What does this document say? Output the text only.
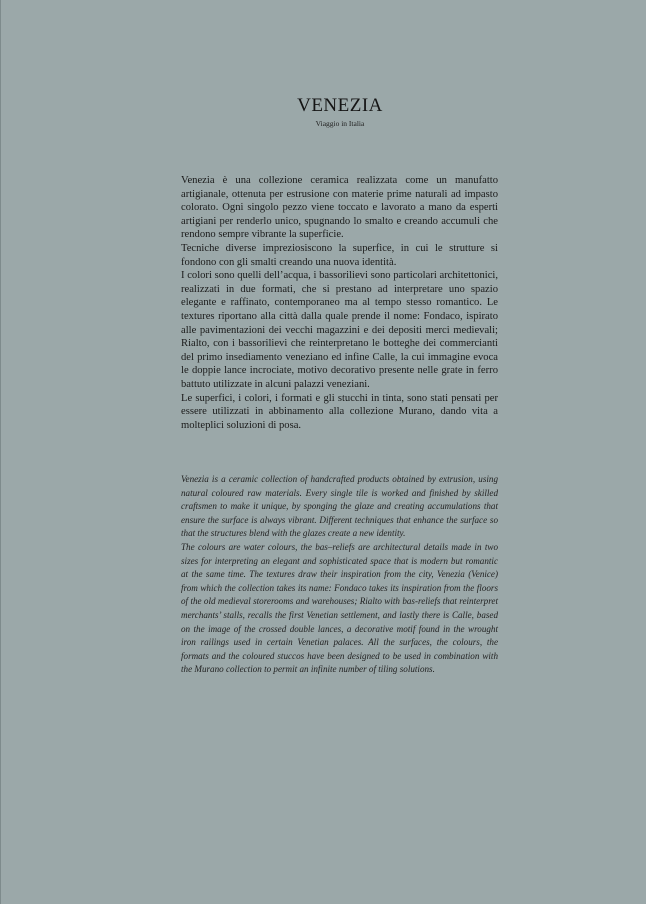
VENEZIA
Viaggio in Italia

Venezia è una collezione ceramica realizzata come un manufatto artigianale, ottenuta per estrusione con materie prime naturali ad impasto colorato. Ogni singolo pezzo viene toccato e lavorato a mano da esperti artigiani per renderlo unico, spugnando lo smalto e creando accumuli che rendono sempre vibrante la superficie.

Tecniche diverse impreziosiscono la superfice, in cui le strutture si fondono con gli smalti creando una nuova identità.

I colori sono quelli dell’acqua, i bassorilievi sono particolari architettonici, realizzati in due formati, che si prestano ad interpretare uno spazio elegante e raffinato, contemporaneo ma al tempo stesso romantico. Le textures riportano alla città dalla quale prende il nome: Fondaco, ispirato alle pavimentazioni dei vecchi magazzini e dei depositi merci medievali; Rialto, con i bassorilievi che reinterpretano le botteghe dei commercianti del primo insediamento veneziano ed infine Calle, la cui immagine evoca le doppie lance incrociate, motivo decorativo presente nelle grate in ferro battuto utilizzate in alcuni palazzi veneziani.

Le superfici, i colori, i formati e gli stucchi in tinta, sono stati pensati per essere utilizzati in abbinamento alla collezione Murano, dando vita a molteplici soluzioni di posa.

Venezia is a ceramic collection of handcrafted products obtained by extrusion, using natural coloured raw materials. Every single tile is worked and finished by skilled craftsmen to make it unique, by sponging the glaze and creating accumulations that ensure the surface is always vibrant. Different techniques that enhance the surface so that the structures blend with the glazes create a new identity.

The colours are water colours, the bas–reliefs are architectural details made in two sizes for interpreting an elegant and sophisticated space that is modern but romantic at the same time. The textures draw their inspiration from the city, Venezia (Venice) from which the collection takes its name: Fondaco takes its inspiration from the floors of the old medieval storerooms and warehouses; Rialto with bas-reliefs that reinterpret merchants’ stalls, recalls the first Venetian settlement, and lastly there is Calle, based on the image of the crossed double lances, a decorative motif found in the wrought iron railings used in certain Venetian palaces. All the surfaces, the colours, the formats and the coloured stuccos have been designed to be used in combination with the Murano collection to permit an infinite number of tiling solutions.
